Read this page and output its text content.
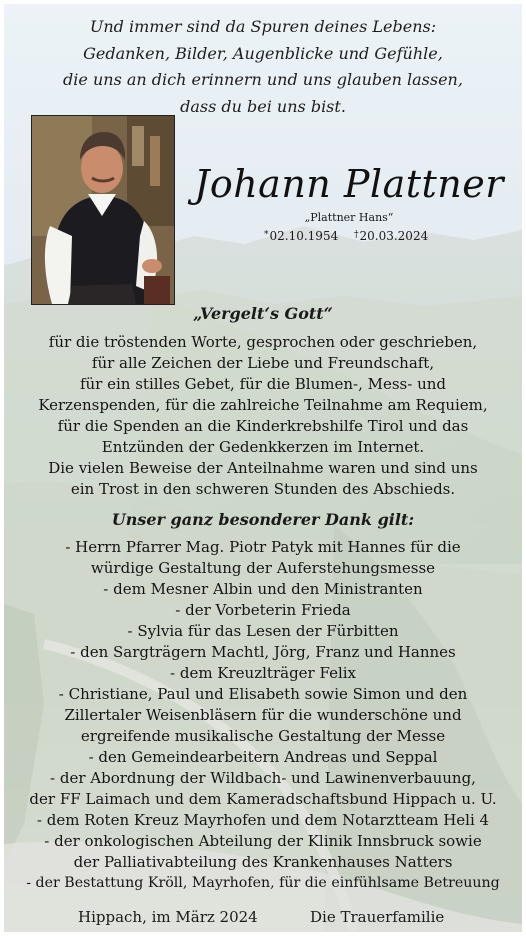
Und immer sind da Spuren deines Lebens:
Gedanken, Bilder, Augenblicke und Gefühle,
die uns an dich erinnern und uns glauben lassen,
dass du bei uns bist.
Johann Plattner
„Plattner Hans“
*02.10.1954 †20.03.2024
„Vergelt‘s Gott“
für die tröstenden Worte, gesprochen oder geschrieben,
für alle Zeichen der Liebe und Freundschaft,
für ein stilles Gebet, für die Blumen-, Mess- und
Kerzenspenden, für die zahlreiche Teilnahme am Requiem,
für die Spenden an die Kinderkrebshilfe Tirol und das
Entzünden der Gedenkkerzen im Internet.
Die vielen Beweise der Anteilnahme waren und sind uns
ein Trost in den schweren Stunden des Abschieds.
Unser ganz besonderer Dank gilt:
- Herrn Pfarrer Mag. Piotr Patyk mit Hannes für die
würdige Gestaltung der Auferstehungsmesse
- dem Mesner Albin und den Ministranten
- der Vorbeterin Frieda
- Sylvia für das Lesen der Fürbitten
- den Sargträgern Machtl, Jörg, Franz und Hannes
- dem Kreuzlträger Felix
- Christiane, Paul und Elisabeth sowie Simon und den
Zillertaler Weisenbläsern für die wunderschöne und
ergreifende musikalische Gestaltung der Messe
- den Gemeindearbeitern Andreas und Seppal
- der Abordnung der Wildbach- und Lawinenverbauung,
der FF Laimach und dem Kameradschaftsbund Hippach u. U.
- dem Roten Kreuz Mayrhofen und dem Notarztteam Heli 4
- der onkologischen Abteilung der Klinik Innsbruck sowie
der Palliativabteilung des Krankenhauses Natters
- der Bestattung Kröll, Mayrhofen, für die einfühlsame Betreuung
Hippach, im März 2024	Die Trauerfamilie
